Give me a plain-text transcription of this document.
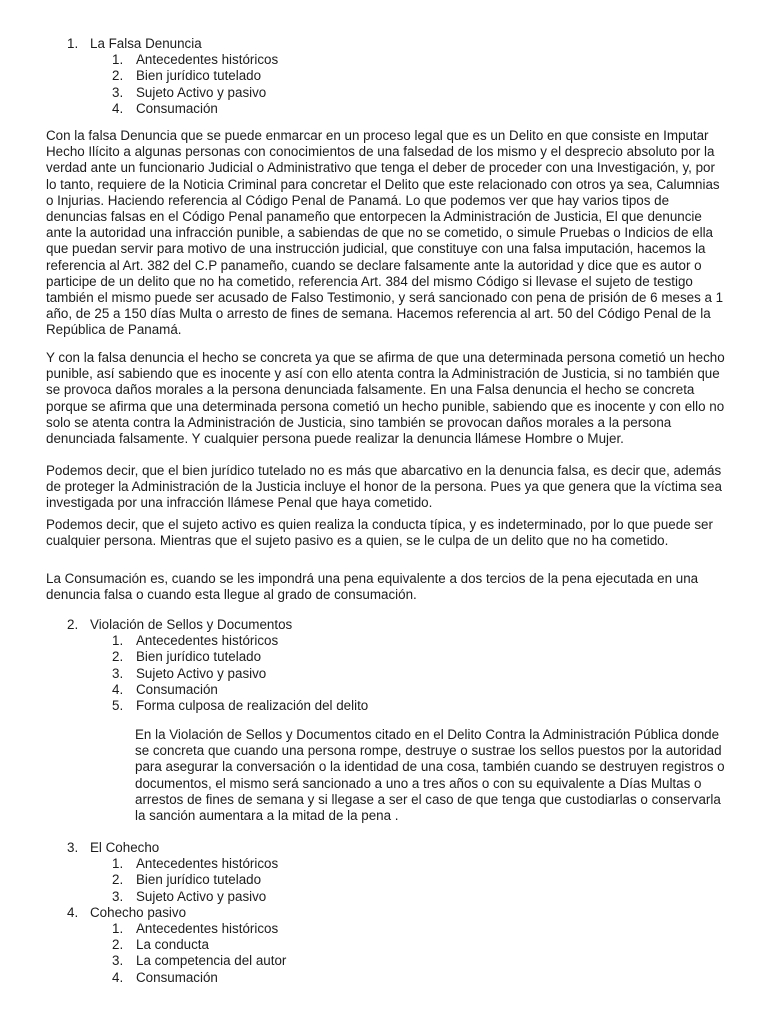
1. La Falsa Denuncia
1. Antecedentes históricos
2. Bien jurídico tutelado
3. Sujeto Activo y pasivo
4. Consumación

Con la falsa Denuncia que se puede enmarcar en un proceso legal que es un Delito en que consiste en Imputar Hecho Ilícito a algunas personas con conocimientos de una falsedad de los mismo y el desprecio absoluto por la verdad ante un funcionario Judicial o Administrativo que tenga el deber de proceder con una Investigación, y, por lo tanto, requiere de la Noticia Criminal para concretar el Delito que este relacionado con otros ya sea, Calumnias o Injurias. Haciendo referencia al Código Penal de Panamá. Lo que podemos ver que hay varios tipos de denuncias falsas en el Código Penal panameño que entorpecen la Administración de Justicia, El que denuncie ante la autoridad una infracción punible, a sabiendas de que no se cometido, o simule Pruebas o Indicios de ella que puedan servir para motivo de una instrucción judicial, que constituye con una falsa imputación, hacemos la referencia al Art. 382 del C.P panameño, cuando se declare falsamente ante la autoridad y dice que es autor o participe de un delito que no ha cometido, referencia Art. 384 del mismo Código si llevase el sujeto de testigo también el mismo puede ser acusado de Falso Testimonio, y será sancionado con pena de prisión de 6 meses a 1 año, de 25 a 150 días Multa o arresto de fines de semana. Hacemos referencia al art. 50 del Código Penal de la República de Panamá.

Y con la falsa denuncia el hecho se concreta ya que se afirma de que una determinada persona cometió un hecho punible, así sabiendo que es inocente y así con ello atenta contra la Administración de Justicia, si no también que se provoca daños morales a la persona denunciada falsamente. En una Falsa denuncia el hecho se concreta porque se afirma que una determinada persona cometió un hecho punible, sabiendo que es inocente y con ello no solo se atenta contra la Administración de Justicia, sino también se provocan daños morales a la persona denunciada falsamente. Y cualquier persona puede realizar la denuncia llámese Hombre o Mujer.

Podemos decir, que el bien jurídico tutelado no es más que abarcativo en la denuncia falsa, es decir que, además de proteger la Administración de la Justicia incluye el honor de la persona. Pues ya que genera que la víctima sea investigada por una infracción llámese Penal que haya cometido.

Podemos decir, que el sujeto activo es quien realiza la conducta típica, y es indeterminado, por lo que puede ser cualquier persona. Mientras que el sujeto pasivo es a quien, se le culpa de un delito que no ha cometido.

La Consumación es, cuando se les impondrá una pena equivalente a dos tercios de la pena ejecutada en una denuncia falsa o cuando esta llegue al grado de consumación.

2. Violación de Sellos y Documentos
1. Antecedentes históricos
2. Bien jurídico tutelado
3. Sujeto Activo y pasivo
4. Consumación
5. Forma culposa de realización del delito

En la Violación de Sellos y Documentos citado en el Delito Contra la Administración Pública donde se concreta que cuando una persona rompe, destruye o sustrae los sellos puestos por la autoridad para asegurar la conversación o la identidad de una cosa, también cuando se destruyen registros o documentos, el mismo será sancionado a uno a tres años o con su equivalente a Días Multas o arrestos de fines de semana y si llegase a ser el caso de que tenga que custodiarlas o conservarla la sanción aumentara a la mitad de la pena .

3. El Cohecho
1. Antecedentes históricos
2. Bien jurídico tutelado
3. Sujeto Activo y pasivo
4. Cohecho pasivo
1. Antecedentes históricos
2. La conducta
3. La competencia del autor
4. Consumación
